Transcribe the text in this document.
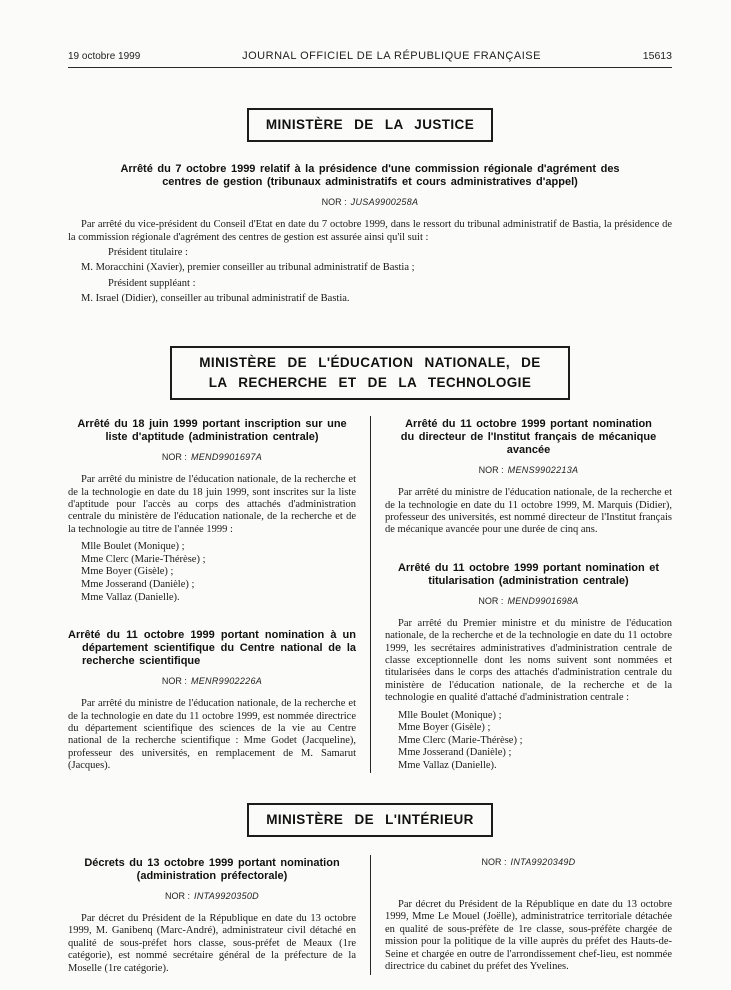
19 octobre 1999	JOURNAL OFFICIEL DE LA RÉPUBLIQUE FRANÇAISE	15613
MINISTÈRE DE LA JUSTICE
Arrêté du 7 octobre 1999 relatif à la présidence d'une commission régionale d'agrément des centres de gestion (tribunaux administratifs et cours administratives d'appel)

NOR : JUSA9900258A

Par arrêté du vice-président du Conseil d'Etat en date du 7 octobre 1999, dans le ressort du tribunal administratif de Bastia, la présidence de la commission régionale d'agrément des centres de gestion est assurée ainsi qu'il suit :

Président titulaire :

M. Moracchini (Xavier), premier conseiller au tribunal administratif de Bastia ;

Président suppléant :

M. Israel (Didier), conseiller au tribunal administratif de Bastia.

MINISTÈRE DE L'ÉDUCATION NATIONALE, DE LA RECHERCHE ET DE LA TECHNOLOGIE
Arrêté du 18 juin 1999 portant inscription sur une liste d'aptitude (administration centrale)

NOR : MEND9901697A

Par arrêté du ministre de l'éducation nationale, de la recherche et de la technologie en date du 18 juin 1999, sont inscrites sur la liste d'aptitude pour l'accès au corps des attachés d'administration centrale du ministère de l'éducation nationale, de la recherche et de la technologie au titre de l'année 1999 :

Mlle Boulet (Monique) ;

Mme Clerc (Marie-Thérèse) ;

Mme Boyer (Gisèle) ;

Mme Josserand (Danièle) ;

Mme Vallaz (Danielle).

Arrêté du 11 octobre 1999 portant nomination à un département scientifique du Centre national de la recherche scientifique

NOR : MENR9902226A

Par arrêté du ministre de l'éducation nationale, de la recherche et de la technologie en date du 11 octobre 1999, est nommée directrice du département scientifique des sciences de la vie au Centre national de la recherche scientifique : Mme Godet (Jacqueline), professeur des universités, en remplacement de M. Samarut (Jacques).

Arrêté du 11 octobre 1999 portant nomination du directeur de l'Institut français de mécanique avancée

NOR : MENS9902213A

Par arrêté du ministre de l'éducation nationale, de la recherche et de la technologie en date du 11 octobre 1999, M. Marquis (Didier), professeur des universités, est nommé directeur de l'Institut français de mécanique avancée pour une durée de cinq ans.

Arrêté du 11 octobre 1999 portant nomination et titularisation (administration centrale)

NOR : MEND9901698A

Par arrêté du Premier ministre et du ministre de l'éducation nationale, de la recherche et de la technologie en date du 11 octobre 1999, les secrétaires administratives d'administration centrale de classe exceptionnelle dont les noms suivent sont nommées et titularisées dans le corps des attachés d'administration centrale du ministère de l'éducation nationale, de la recherche et de la technologie en qualité d'attaché d'administration centrale :

Mlle Boulet (Monique) ;

Mme Boyer (Gisèle) ;

Mme Clerc (Marie-Thérèse) ;

Mme Josserand (Danièle) ;

Mme Vallaz (Danielle).

MINISTÈRE DE L'INTÉRIEUR
Décrets du 13 octobre 1999 portant nomination (administration préfectorale)

NOR : INTA9920350D

Par décret du Président de la République en date du 13 octobre 1999, M. Ganibenq (Marc-André), administrateur civil détaché en qualité de sous-préfet hors classe, sous-préfet de Meaux (1re catégorie), est nommé secrétaire général de la préfecture de la Moselle (1re catégorie).

NOR : INTA9920349D

Par décret du Président de la République en date du 13 octobre 1999, Mme Le Mouel (Joëlle), administratrice territoriale détachée en qualité de sous-préfète de 1re classe, sous-préfète chargée de mission pour la politique de la ville auprès du préfet des Hauts-de-Seine et chargée en outre de l'arrondissement chef-lieu, est nommée directrice du cabinet du préfet des Yvelines.
